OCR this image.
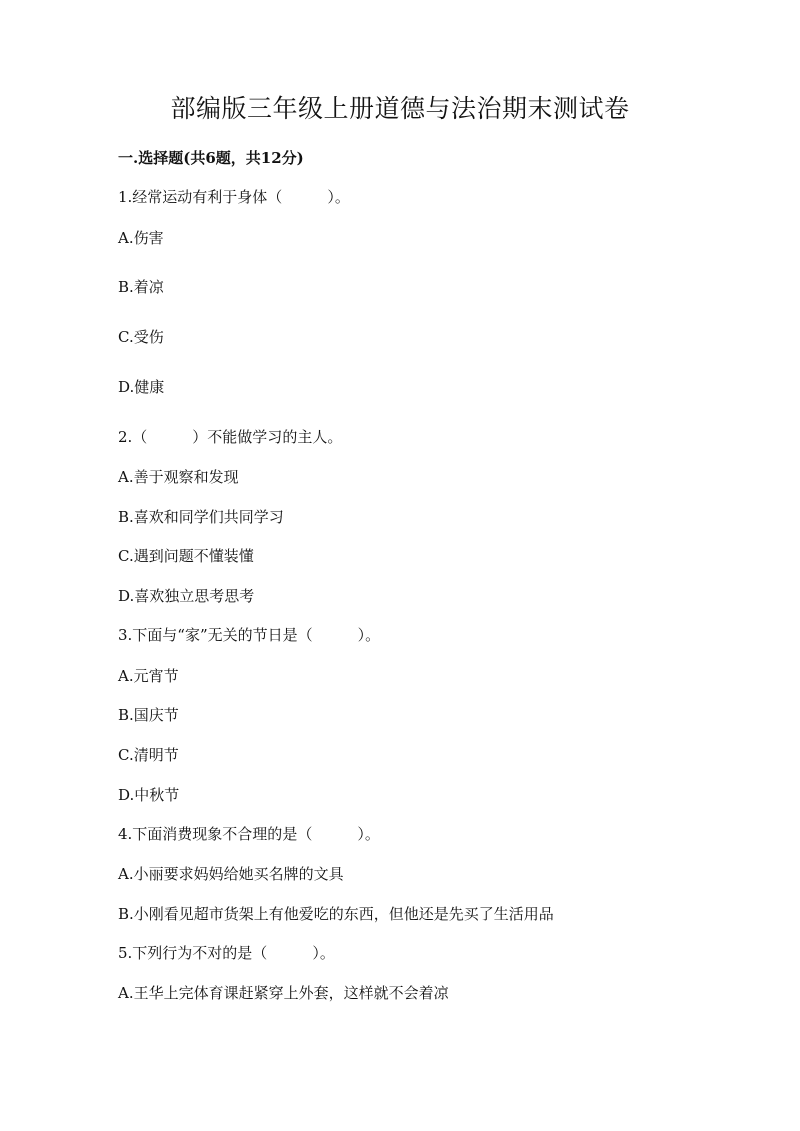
部编版三年级上册道德与法治期末测试卷

一.选择题(共6题，共12分)

1.经常运动有利于身体（　　　）。

A.伤害

B.着凉

C.受伤

D.健康

2.（　　　）不能做学习的主人。

A.善于观察和发现

B.喜欢和同学们共同学习

C.遇到问题不懂装懂

D.喜欢独立思考思考

3.下面与“家”无关的节日是（　　　）。

A.元宵节

B.国庆节

C.清明节

D.中秋节

4.下面消费现象不合理的是（　　　）。

A.小丽要求妈妈给她买名牌的文具

B.小刚看见超市货架上有他爱吃的东西，但他还是先买了生活用品

5.下列行为不对的是（　　　）。

A.王华上完体育课赶紧穿上外套，这样就不会着凉
